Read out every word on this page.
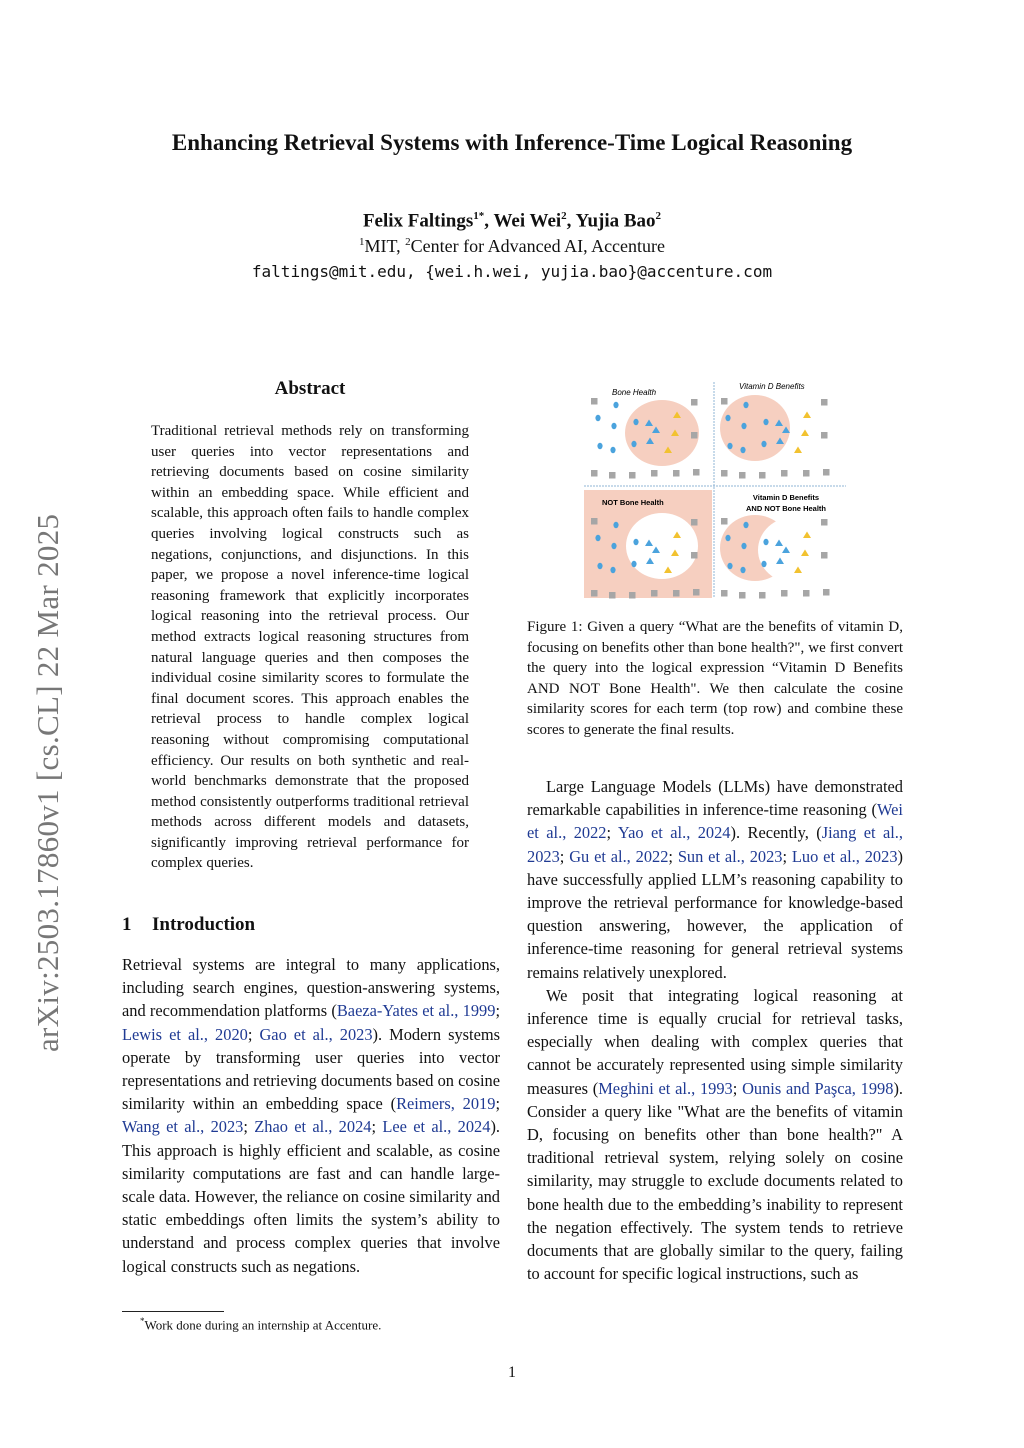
Enhancing Retrieval Systems with Inference-Time Logical Reasoning
Felix Faltings$^{1*}$, Wei Wei$^2$, Yujia Bao$^2$
$^1$MIT, $^2$Center for Advanced AI, Accenture
faltings@mit.edu, {wei.h.wei, yujia.bao}@accenture.com
arXiv:2503.17860v1 [cs.CL] 22 Mar 2025
Abstract
Traditional retrieval methods rely on transforming user queries into vector representations and retrieving documents based on cosine similarity within an embedding space. While efficient and scalable, this approach often fails to handle complex queries involving logical constructs such as negations, conjunctions, and disjunctions. In this paper, we propose a novel inference-time logical reasoning framework that explicitly incorporates logical reasoning into the retrieval process. Our method extracts logical reasoning structures from natural language queries and then composes the individual cosine similarity scores to formulate the final document scores. This approach enables the retrieval process to handle complex logical reasoning without compromising computational efficiency. Our results on both synthetic and real-world benchmarks demonstrate that the proposed method consistently outperforms traditional retrieval methods across different models and datasets, significantly improving retrieval performance for complex queries.
1 Introduction

Retrieval systems are integral to many applications, including search engines, question-answering systems, and recommendation platforms (Baeza-Yates et al., 1999; Lewis et al., 2020; Gao et al., 2023). Modern systems operate by transforming user queries into vector representations and retrieving documents based on cosine similarity within an embedding space (Reimers, 2019; Wang et al., 2023; Zhao et al., 2024; Lee et al., 2024). This approach is highly efficient and scalable, as cosine similarity computations are fast and can handle large-scale data. However, the reliance on cosine similarity and static embeddings often limits the system’s ability to understand and process complex queries that involve logical constructs such as negations.

*Work done during an internship at Accenture.
Bone Health
Vitamin D Benefits
NOT Bone Health
Vitamin D Benefits
AND NOT Bone Health
Figure 1: Given a query “What are the benefits of vitamin D, focusing on benefits other than bone health?", we first convert the query into the logical expression “Vitamin D Benefits AND NOT Bone Health". We then calculate the cosine similarity scores for each term (top row) and combine these scores to generate the final results.

Large Language Models (LLMs) have demonstrated remarkable capabilities in inference-time reasoning (Wei et al., 2022; Yao et al., 2024). Recently, (Jiang et al., 2023; Gu et al., 2022; Sun et al., 2023; Luo et al., 2023) have successfully applied LLM’s reasoning capability to improve the retrieval performance for knowledge-based question answering, however, the application of inference-time reasoning for general retrieval systems remains relatively unexplored.

We posit that integrating logical reasoning at inference time is equally crucial for retrieval tasks, especially when dealing with complex queries that cannot be accurately represented using simple similarity measures (Meghini et al., 1993; Ounis and Paşca, 1998). Consider a query like "What are the benefits of vitamin D, focusing on benefits other than bone health?" A traditional retrieval system, relying solely on cosine similarity, may struggle to exclude documents related to bone health due to the embedding’s inability to represent the negation effectively. The system tends to retrieve documents that are globally similar to the query, failing to account for specific logical instructions, such as

1
